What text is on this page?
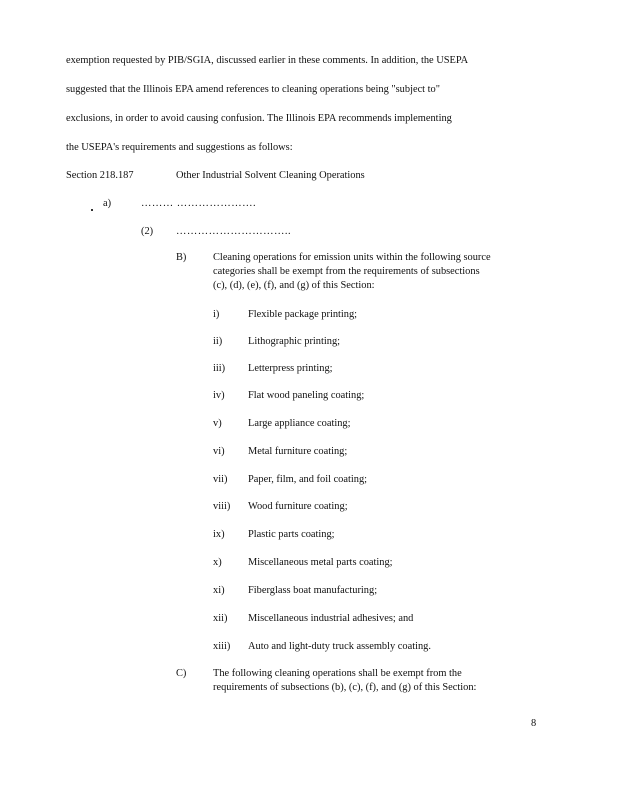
exemption requested by PIB/SGIA, discussed earlier in these comments. In addition, the USEPA
suggested that the Illinois EPA amend references to cleaning operations being "subject to"
exclusions, in order to avoid causing confusion. The Illinois EPA recommends implementing
the USEPA's requirements and suggestions as follows:
Section 218.187	Other Industrial Solvent Cleaning Operations
a)	……… ………………….
(2) …………………………..
B)	Cleaning operations for emission units within the following source
categories shall be exempt from the requirements of subsections
(c), (d), (e), (f), and (g) of this Section:
i)	Flexible package printing;
ii) Lithographic printing;
iii) Letterpress printing;
iv) Flat wood paneling coating;
v)	Large appliance coating;
vi) Metal furniture coating;
vii) Paper, film, and foil coating;
viii) Wood furniture coating;
ix) Plastic parts coating;
x)	Miscellaneous metal parts coating;
xi) Fiberglass boat manufacturing;
xii) Miscellaneous industrial adhesives; and
xiii) Auto and light-duty truck assembly coating.
C)	The following cleaning operations shall be exempt from the
requirements of subsections (b), (c), (f), and (g) of this Section:
8
